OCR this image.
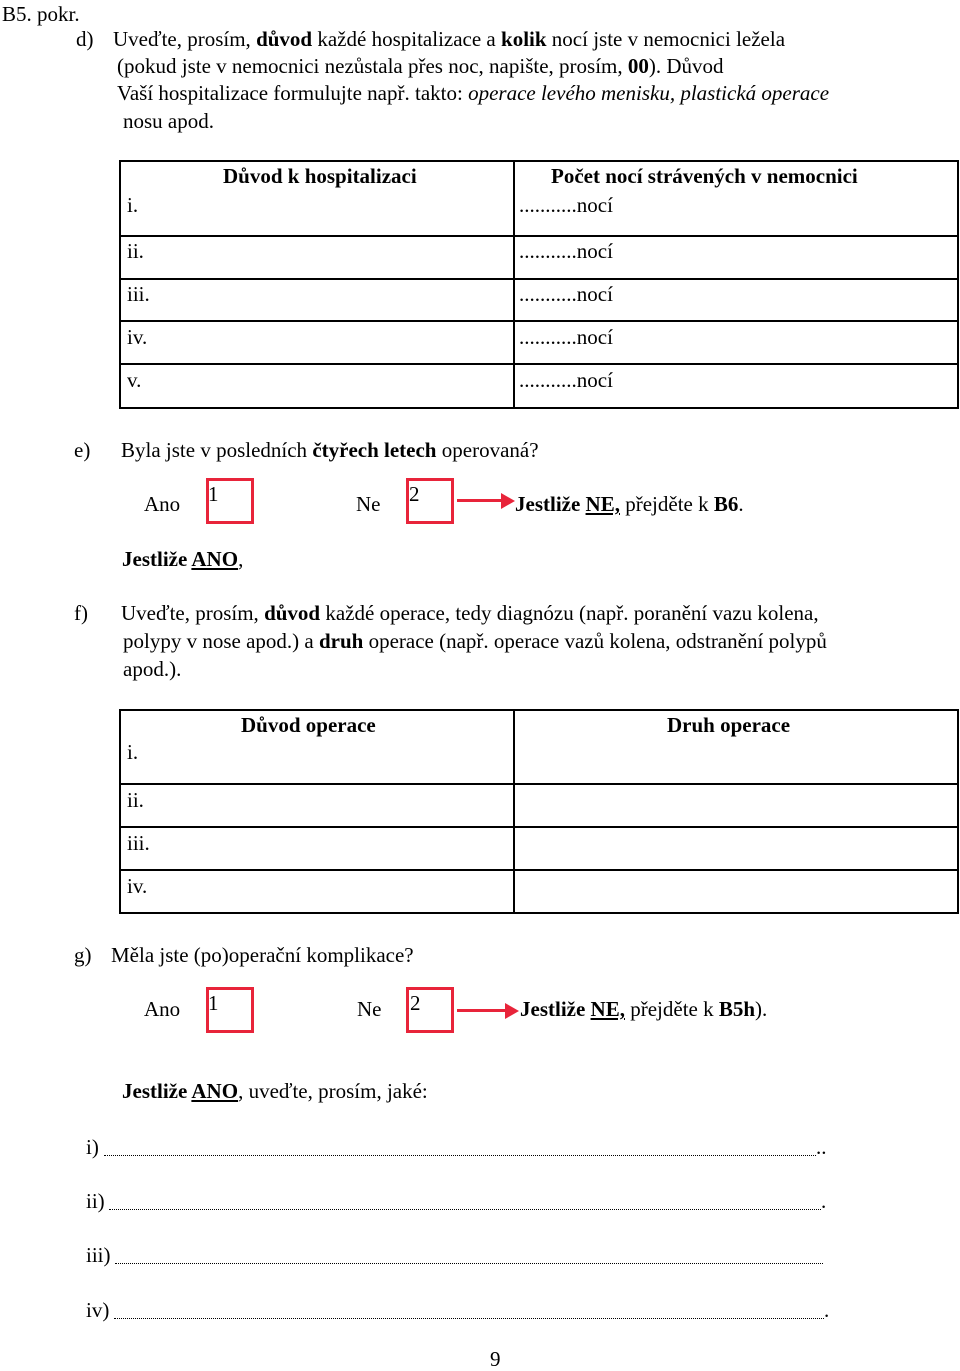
B5. pokr.
d) Uveďte, prosím, důvod každé hospitalizace a kolik nocí jste v nemocnici ležela
(pokud jste v nemocnici nezůstala přes noc, napište, prosím, 00). Důvod
Vaší hospitalizace formulujte např. takto: operace levého menisku, plastická operace
nosu apod.
Důvod k hospitalizaci	Počet nocí strávených v nemocnici
i.	...........nocí
ii.	...........nocí
iii.	...........nocí
iv.	...........nocí
v.	...........nocí
e) Byla jste v posledních čtyřech letech operovaná?
Ano 1	Ne 2	Jestliže NE, přejděte k B6.
Jestliže ANO,
f) Uveďte, prosím, důvod každé operace, tedy diagnózu (např. poranění vazu kolena,
polypy v nose apod.) a druh operace (např. operace vazů kolena, odstranění polypů
apod.).
Důvod operace	Druh operace
i.
ii.
iii.
iv.
g) Měla jste (po)operační komplikace?
Ano 1	Ne 2	Jestliže NE, přejděte k B5h).
Jestliže ANO, uveďte, prosím, jaké:
i)	..
ii)	.
iii)
iv)	.
9
